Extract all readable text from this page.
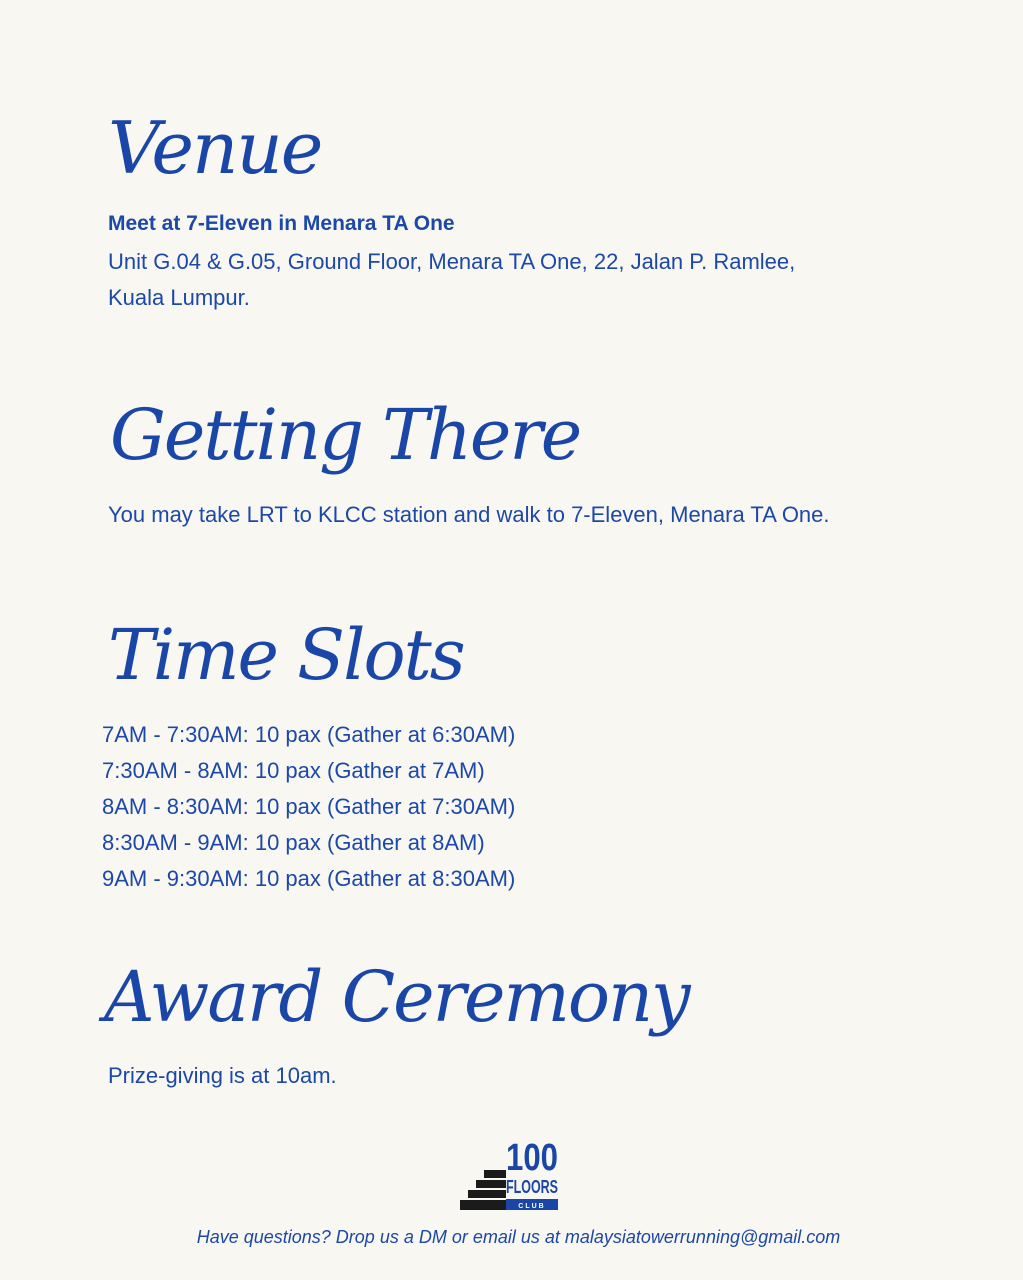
Venue

Meet at 7-Eleven in Menara TA One

Unit G.04 & G.05, Ground Floor, Menara TA One, 22, Jalan P. Ramlee,

Kuala Lumpur.

Getting There

You may take LRT to KLCC station and walk to 7-Eleven, Menara TA One.

Time Slots
7AM - 7:30AM: 10 pax (Gather at 6:30AM)
7:30AM - 8AM: 10 pax (Gather at 7AM)
8AM - 8:30AM: 10 pax (Gather at 7:30AM)
8:30AM - 9AM: 10 pax (Gather at 8AM)
9AM - 9:30AM: 10 pax (Gather at 8:30AM)
Award Ceremony

Prize-giving is at 10am.

100
FLOORS
CLUB
Have questions? Drop us a DM or email us at malaysiatowerrunning@gmail.com
